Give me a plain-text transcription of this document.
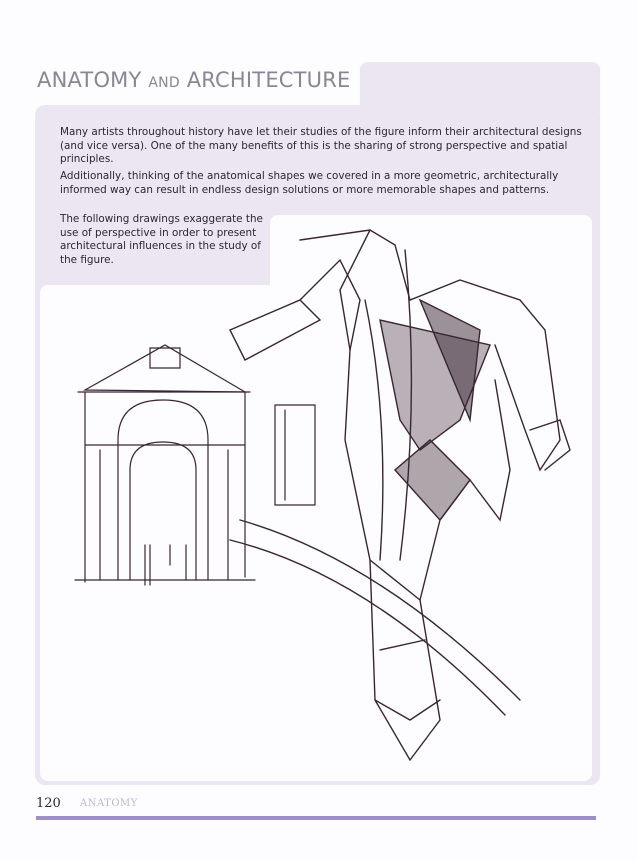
ANATOMY AND ARCHITECTURE
Many artists throughout history have let their studies of the figure inform their architectural designs (and vice versa). One of the many benefits of this is the sharing of strong perspective and spatial principles.
Additionally, thinking of the anatomical shapes we covered in a more geometric, architecturally informed way can result in endless design solutions or more memorable shapes and patterns.
The following drawings exaggerate the use of perspective in order to present architectural influences in the study of the figure.
120 ANATOMY
